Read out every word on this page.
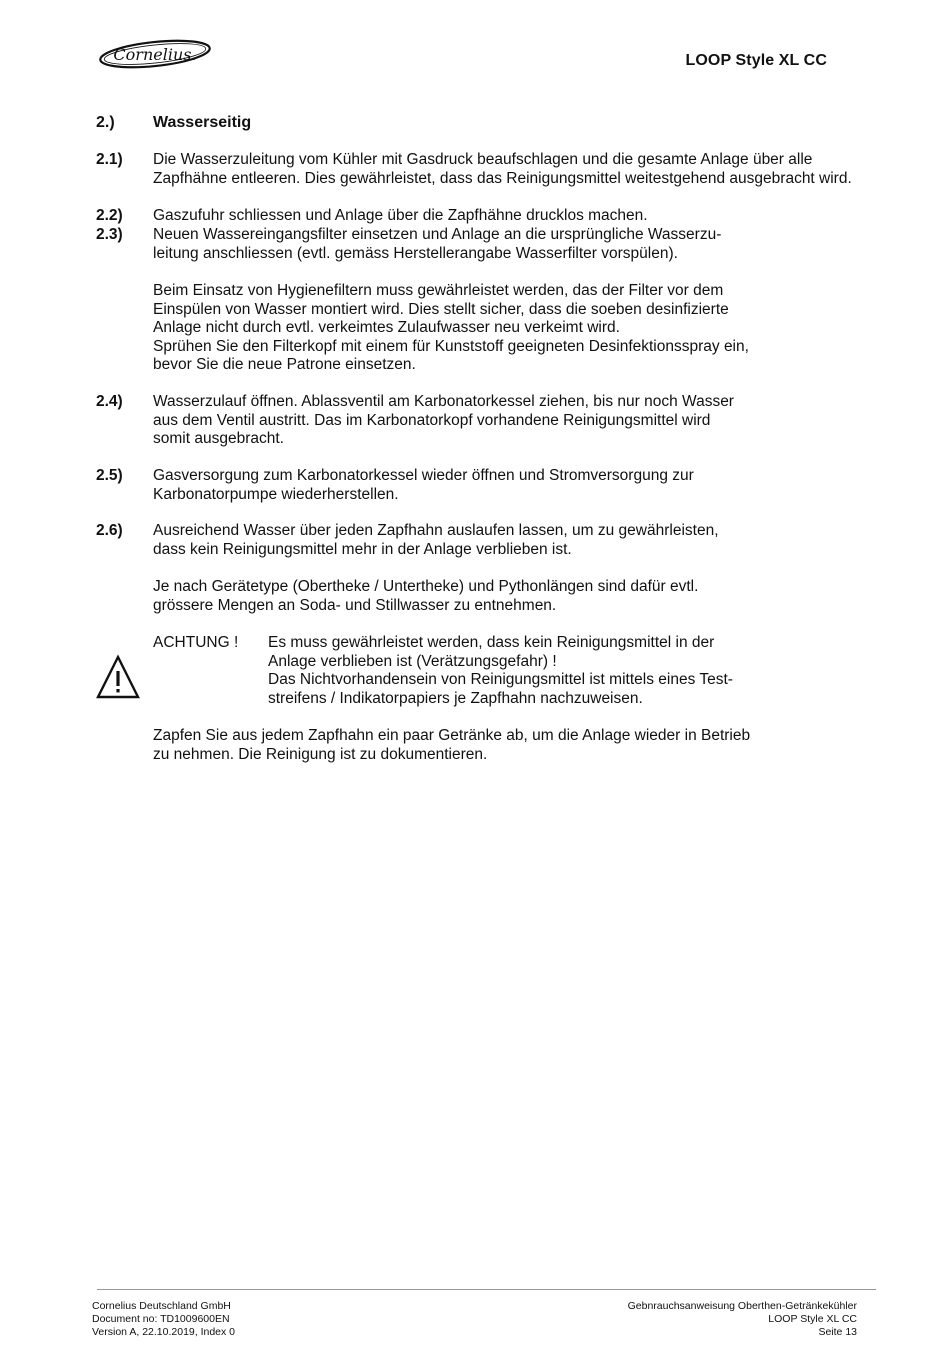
Cornelius.	LOOP Style XL CC
2.) Wasserseitig
2.1) Die Wasserzuleitung vom Kühler mit Gasdruck beaufschlagen und die gesamte Anlage über alle
Zapfhähne entleeren. Dies gewährleistet, dass das Reinigungsmittel weitestgehend ausgebracht wird.
2.2) Gaszufuhr schliessen und Anlage über die Zapfhähne drucklos machen.
2.3) Neuen Wassereingangsfilter einsetzen und Anlage an die ursprüngliche Wasserzu-
leitung anschliessen (evtl. gemäss Herstellerangabe Wasserfilter vorspülen).
Beim Einsatz von Hygienefiltern muss gewährleistet werden, das der Filter vor dem
Einspülen von Wasser montiert wird. Dies stellt sicher, dass die soeben desinfizierte
Anlage nicht durch evtl. verkeimtes Zulaufwasser neu verkeimt wird.
Sprühen Sie den Filterkopf mit einem für Kunststoff geeigneten Desinfektionsspray ein,
bevor Sie die neue Patrone einsetzen.
2.4) Wasserzulauf öffnen. Ablassventil am Karbonatorkessel ziehen, bis nur noch Wasser
aus dem Ventil austritt. Das im Karbonatorkopf vorhandene Reinigungsmittel wird
somit ausgebracht.
2.5) Gasversorgung zum Karbonatorkessel wieder öffnen und Stromversorgung zur
Karbonatorpumpe wiederherstellen.
2.6) Ausreichend Wasser über jeden Zapfhahn auslaufen lassen, um zu gewährleisten,
dass kein Reinigungsmittel mehr in der Anlage verblieben ist.
Je nach Gerätetype (Obertheke / Untertheke) und Pythonlängen sind dafür evtl.
grössere Mengen an Soda- und Stillwasser zu entnehmen.
ACHTUNG ! Es muss gewährleistet werden, dass kein Reinigungsmittel in der
Anlage verblieben ist (Verätzungsgefahr) !
Das Nichtvorhandensein von Reinigungsmittel ist mittels eines Test-
streifens / Indikatorpapiers je Zapfhahn nachzuweisen.
Zapfen Sie aus jedem Zapfhahn ein paar Getränke ab, um die Anlage wieder in Betrieb
zu nehmen. Die Reinigung ist zu dokumentieren.
Cornelius Deutschland GmbH
Document no: TD1009600EN
Version A, 22.10.2019, Index 0
Gebnrauchsanweisung Oberthen-Getränkekühler
LOOP Style XL CC
Seite 13
